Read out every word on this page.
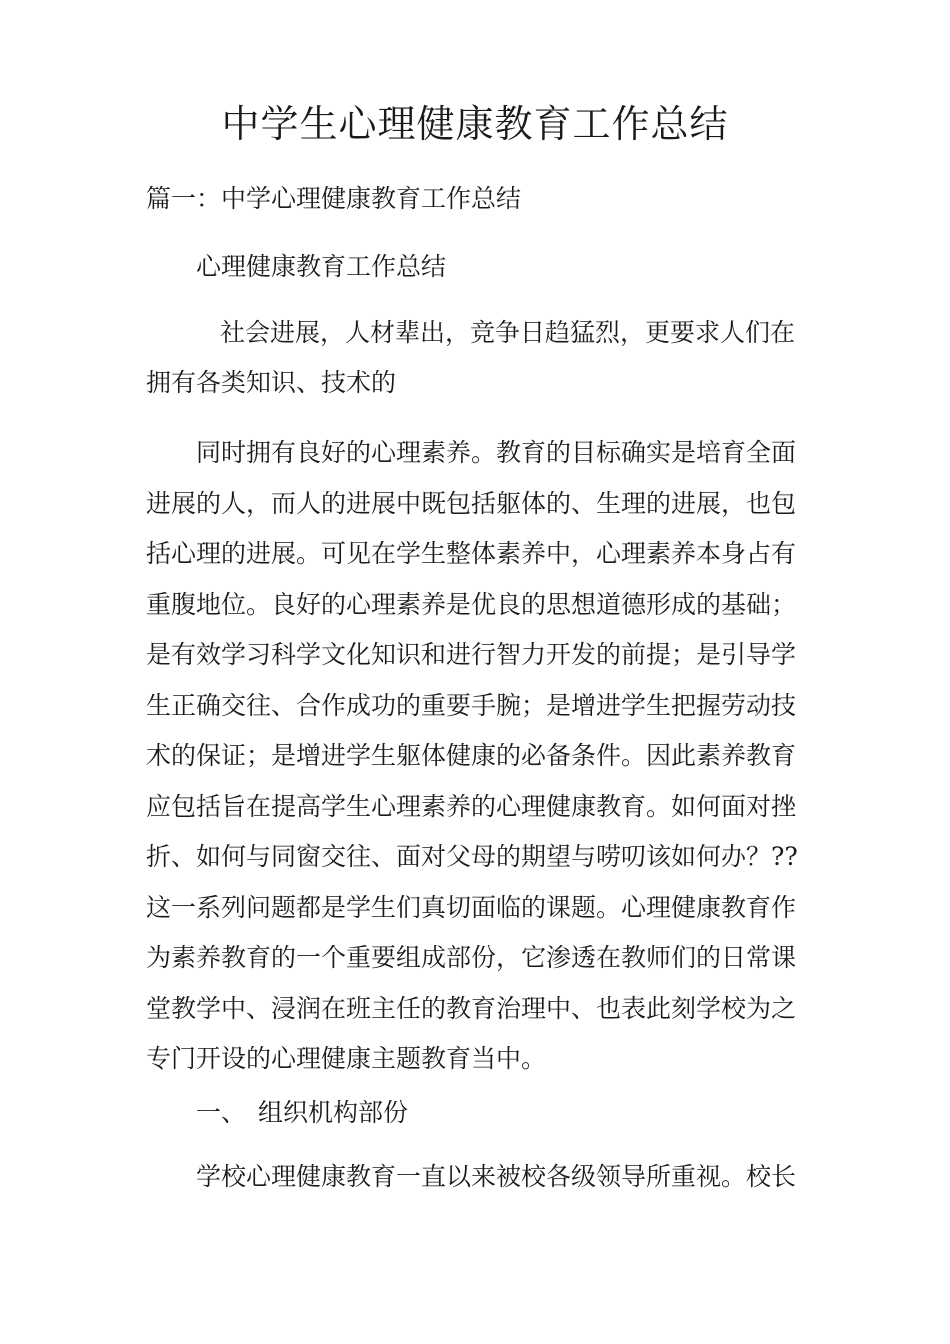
中学生心理健康教育工作总结

篇一：中学心理健康教育工作总结

心理健康教育工作总结

社会进展，人材辈出，竞争日趋猛烈，更要求人们在

拥有各类知识、技术的

同时拥有良好的心理素养。教育的目标确实是培育全面
进展的人，而人的进展中既包括躯体的、生理的进展，也包
括心理的进展。可见在学生整体素养中，心理素养本身占有
重腹地位。良好的心理素养是优良的思想道德形成的基础；
是有效学习科学文化知识和进行智力开发的前提；是引导学
生正确交往、合作成功的重要手腕；是增进学生把握劳动技
术的保证；是增进学生躯体健康的必备条件。因此素养教育
应包括旨在提高学生心理素养的心理健康教育。如何面对挫
折、如何与同窗交往、面对父母的期望与唠叨该如何办？??
这一系列问题都是学生们真切面临的课题。心理健康教育作
为素养教育的一个重要组成部份，它渗透在教师们的日常课
堂教学中、浸润在班主任的教育治理中、也表此刻学校为之
专门开设的心理健康主题教育当中。

一、 组织机构部份

学校心理健康教育一直以来被校各级领导所重视。校长
